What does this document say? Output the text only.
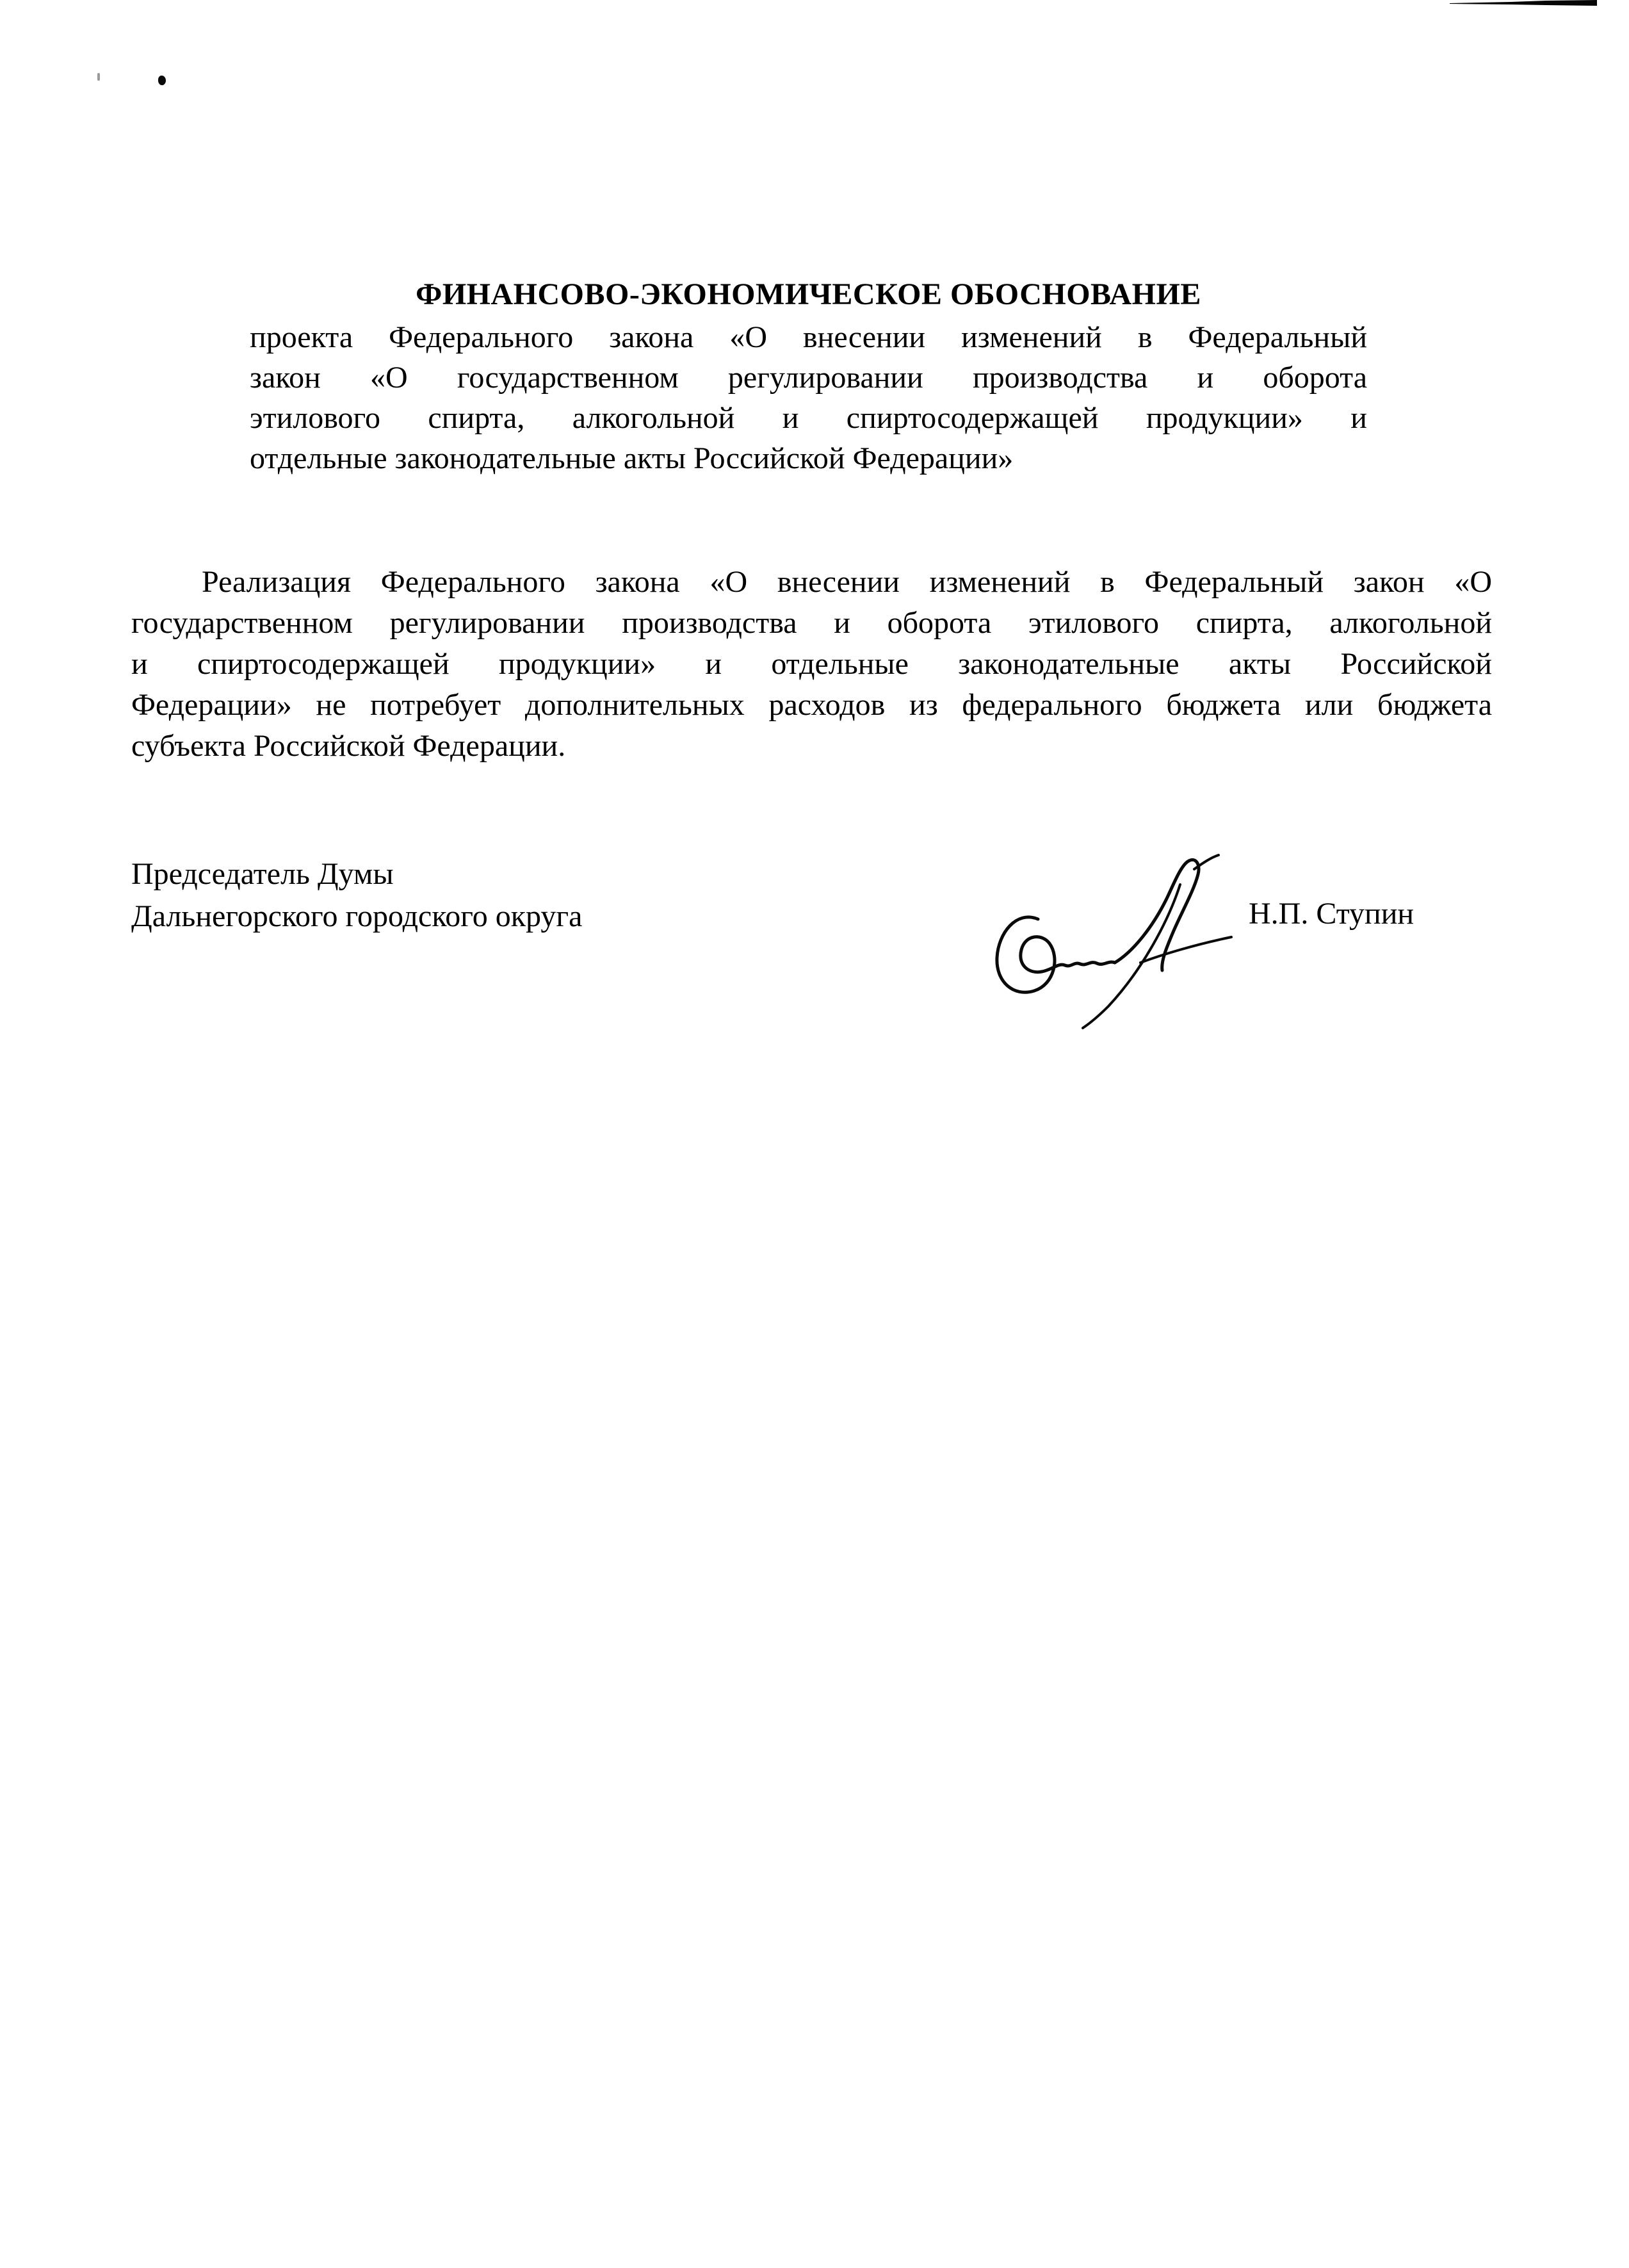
ФИНАНСОВО-ЭКОНОМИЧЕСКОЕ ОБОСНОВАНИЕ
проекта Федерального закона «О внесении изменений в Федеральный
закон «О государственном регулировании производства и оборота
этилового спирта, алкогольной и спиртосодержащей продукции» и
отдельные законодательные акты Российской Федерации»
Реализация Федерального закона «О внесении изменений в Федеральный закон «О
государственном регулировании производства и оборота этилового спирта, алкогольной
и спиртосодержащей продукции» и отдельные законодательные акты Российской
Федерации» не потребует дополнительных расходов из федерального бюджета или бюджета
субъекта Российской Федерации.
Председатель Думы
Дальнегорского городского округа	Н.П. Ступин
